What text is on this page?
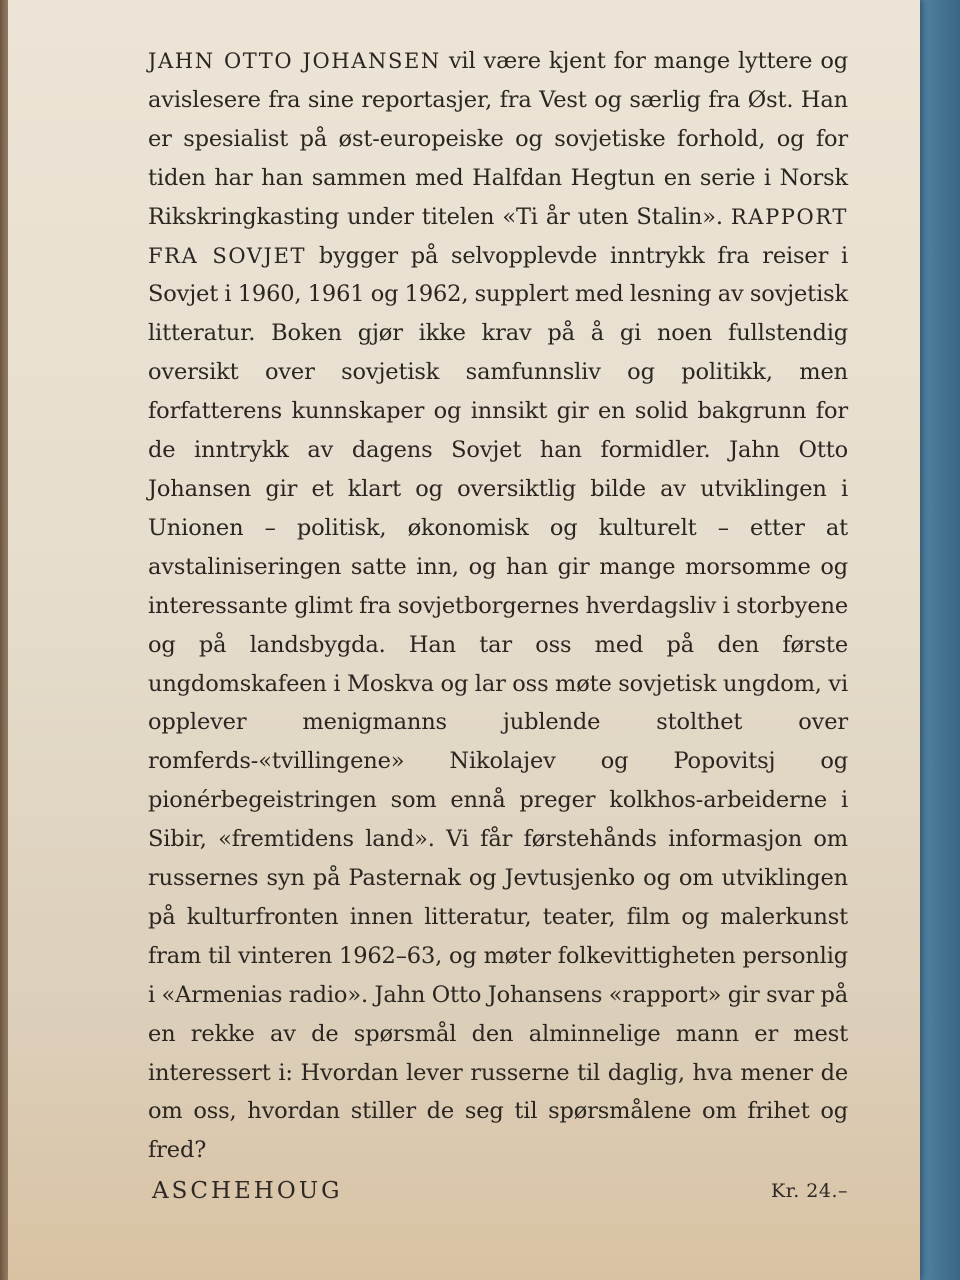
JAHN OTTO JOHANSEN vil være kjent for mange lyttere og avislesere fra sine reportasjer, fra Vest og særlig fra Øst. Han er spesialist på øst-europeiske og sovjetiske forhold, og for tiden har han sammen med Halfdan Hegtun en serie i Norsk Rikskringkasting under titelen «Ti år uten Stalin». RAPPORT FRA SOVJET bygger på selvopplevde inntrykk fra reiser i Sovjet i 1960, 1961 og 1962, supplert med lesning av sovjetisk litteratur. Boken gjør ikke krav på å gi noen fullstendig oversikt over sovjetisk samfunnsliv og politikk, men forfatterens kunnskaper og innsikt gir en solid bakgrunn for de inntrykk av dagens Sovjet han formidler. Jahn Otto Johansen gir et klart og oversiktlig bilde av utviklingen i Unionen – politisk, økonomisk og kulturelt – etter at avstaliniseringen satte inn, og han gir mange morsomme og interessante glimt fra sovjetborgernes hverdagsliv i storbyene og på landsbygda. Han tar oss med på den første ungdomskafeen i Moskva og lar oss møte sovjetisk ungdom, vi opplever menigmanns jublende stolthet over romferds-«tvillingene» Nikolajev og Popovitsj og pionérbegeistringen som ennå preger kolkhos-arbeiderne i Sibir, «fremtidens land». Vi får førstehånds informasjon om russernes syn på Pasternak og Jevtusjenko og om utviklingen på kulturfronten innen litteratur, teater, film og malerkunst fram til vinteren 1962–63, og møter folkevittigheten personlig i «Armenias radio». Jahn Otto Johansens «rapport» gir svar på en rekke av de spørsmål den alminnelige mann er mest interessert i: Hvordan lever russerne til daglig, hva mener de om oss, hvordan stiller de seg til spørsmålene om frihet og fred?

ASCHEHOUG	Kr. 24.–
